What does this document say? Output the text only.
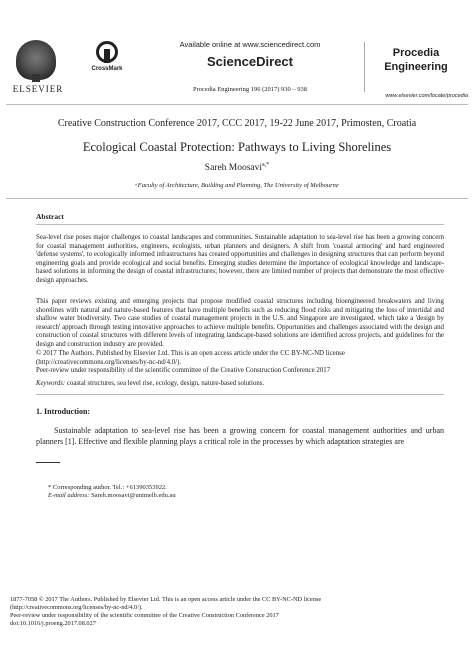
ELSEVIER
CrossMark
Available online at www.sciencedirect.com
ScienceDirect
Procedia Engineering 196 (2017) 930 – 938
Procedia
Engineering
www.elsevier.com/locate/procedia
Creative Construction Conference 2017, CCC 2017, 19-22 June 2017, Primosten, Croatia
Ecological Coastal Protection: Pathways to Living Shorelines
Sareh Moosavi$^{a,*}$
ᵃFaculty of Architecture, Building and Planning, The University of Melbourne
Abstract
Sea-level rise poses major challenges to coastal landscapes and communities. Sustainable adaptation to sea-level rise has been a growing concern for coastal management authorities, engineers, ecologists, urban planners and designers. A shift from 'coastal armoring' and hard engineered 'defense systems', to ecologically informed infrastructures has created opportunities and challenges in designing structures that can perform beyond engineering goals and provide ecological and social benefits. Emerging studies determine the importance of ecological knowledge and landscape-based solutions in informing the design of coastal infrastructures; however, there are limited number of projects that demonstrate the most effective design approaches.
This paper reviews existing and emerging projects that propose modified coastal structures including bioengineered breakwaters and living shorelines with natural and nature-based features that have multiple benefits such as reducing flood risks and mitigating the loss of intertidal and shallow water biodiversity. Two case studies of coastal management projects in the U.S. and Singapore are investigated, which take a 'design by research' approach through testing innovative approaches to achieve multiple benefits. Opportunities and challenges associated with the design and construction of coastal structures with different levels of integrating landscape-based solutions are identified across projects, and guidelines for the design and construction industry are provided.
© 2017 The Authors. Published by Elsevier Ltd. This is an open access article under the CC BY-NC-ND license
(http://creativecommons.org/licenses/by-nc-nd/4.0/).
Peer-review under responsibility of the scientific committee of the Creative Construction Conference 2017
Keywords: coastal structures, sea level rise, ecology, design, nature-based solutions.
1. Introduction:
Sustainable adaptation to sea-level rise has been a growing concern for coastal management authorities and urban planners [1]. Effective and flexible planning plays a critical role in the processes by which adaptation strategies are
* Corresponding author. Tel.: +61390353922.
E-mail address: Sareh.moosavi@unimelb.edu.au
1877-7058 © 2017 The Authors. Published by Elsevier Ltd. This is an open access article under the CC BY-NC-ND license
(http://creativecommons.org/licenses/by-nc-nd/4.0/).
Peer-review under responsibility of the scientific committee of the Creative Construction Conference 2017
doi:10.1016/j.proeng.2017.08.027
